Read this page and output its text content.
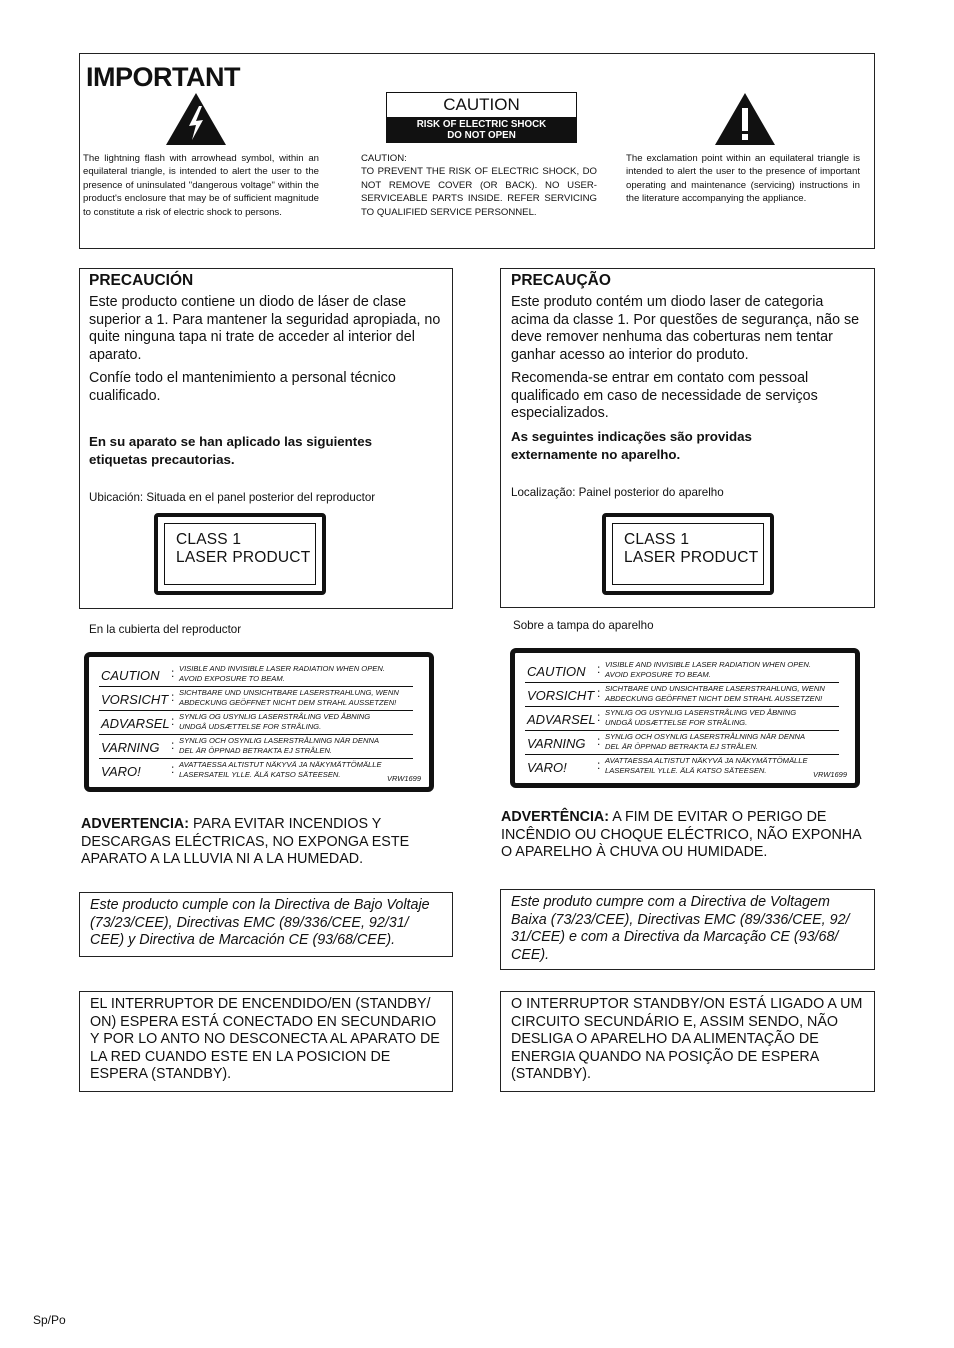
IMPORTANT
The lightning flash with arrowhead symbol, within an equilateral triangle, is intended to alert the user to the presence of uninsulated "dangerous voltage" within the product's enclosure that may be of sufficient magnitude to constitute a risk of electric shock to persons.
CAUTION
RISK OF ELECTRIC SHOCK
DO NOT OPEN
CAUTION:
TO PREVENT THE RISK OF ELECTRIC SHOCK, DO NOT REMOVE COVER (OR BACK). NO USER-SERVICEABLE PARTS INSIDE. REFER SERVICING TO QUALIFIED SERVICE PERSONNEL.
The exclamation point within an equilateral triangle is intended to alert the user to the presence of important operating and maintenance (servicing) instructions in the literature accompanying the appliance.
PRECAUCIÓN
Este producto contiene un diodo de láser de clase superior a 1. Para mantener la seguridad apropiada, no quite ninguna tapa ni trate de acceder al interior del aparato.
Confíe todo el mantenimiento a personal técnico cualificado.
En su aparato se han aplicado las siguientes etiquetas precautorias.
Ubicación: Situada en el panel posterior del reproductor
CLASS 1
LASER PRODUCT
En la cubierta del reproductor
CAUTION : VISIBLE AND INVISIBLE LASER RADIATION WHEN OPEN.
AVOID EXPOSURE TO BEAM.
VORSICHT : SICHTBARE UND UNSICHTBARE LASERSTRAHLUNG, WENN
ABDECKUNG GEÖFFNET NICHT DEM STRAHL AUSSETZEN!
ADVARSEL : SYNLIG OG USYNLIG LASERSTRÅLING VED ÅBNING
UNDGÅ UDSÆTTELSE FOR STRÅLING.
VARNING : SYNLIG OCH OSYNLIG LASERSTRÅLNING NÄR DENNA
DEL ÄR ÖPPNAD BETRAKTA EJ STRÅLEN.
VARO!	: AVATTAESSA ALTISTUT NÄKYVÄ JA NÄKYMÄTTÖMÄLLE
LASERSATEIL YLLE. ÄLÄ KATSO SÄTEESEN.	VRW1699
ADVERTENCIA: PARA EVITAR INCENDIOS Y DESCARGAS ELÉCTRICAS, NO EXPONGA ESTE APARATO A LA LLUVIA NI A LA HUMEDAD.
Este producto cumple con la Directiva de Bajo Voltaje (73/23/CEE), Directivas EMC (89/336/CEE, 92/31/ CEE) y Directiva de Marcación CE (93/68/CEE).
EL INTERRUPTOR DE ENCENDIDO/EN (STANDBY/ ON) ESPERA ESTÁ CONECTADO EN SECUNDARIO Y POR LO ANTO NO DESCONECTA AL APARATO DE LA RED CUANDO ESTE EN LA POSICION DE ESPERA (STANDBY).
PRECAUÇÃO
Este produto contém um diodo laser de categoria acima da classe 1. Por questões de segurança, não se deve remover nenhuma das coberturas nem tentar ganhar acesso ao interior do produto.
Recomenda-se entrar em contato com pessoal qualificado em caso de necessidade de serviços especializados.
As seguintes indicações são providas externamente no aparelho.
Localização: Painel posterior do aparelho
CLASS 1
LASER PRODUCT
Sobre a tampa do aparelho
CAUTION : VISIBLE AND INVISIBLE LASER RADIATION WHEN OPEN.
AVOID EXPOSURE TO BEAM.
VORSICHT : SICHTBARE UND UNSICHTBARE LASERSTRAHLUNG, WENN
ABDECKUNG GEÖFFNET NICHT DEM STRAHL AUSSETZEN!
ADVARSEL : SYNLIG OG USYNLIG LASERSTRÅLING VED ÅBNING
UNDGÅ UDSÆTTELSE FOR STRÅLING.
VARNING : SYNLIG OCH OSYNLIG LASERSTRÅLNING NÄR DENNA
DEL ÄR ÖPPNAD BETRAKTA EJ STRÅLEN.
VARO!	: AVATTAESSA ALTISTUT NÄKYVÄ JA NÄKYMÄTTÖMÄLLE
LASERSATEIL YLLE. ÄLÄ KATSO SÄTEESEN.	VRW1699
ADVERTÊNCIA: A FIM DE EVITAR O PERIGO DE INCÊNDIO OU CHOQUE ELÉCTRICO, NÃO EXPONHA O APARELHO À CHUVA OU HUMIDADE.
Este produto cumpre com a Directiva de Voltagem Baixa (73/23/CEE), Directivas EMC (89/336/CEE, 92/ 31/CEE) e com a Directiva da Marcação CE (93/68/ CEE).
O INTERRUPTOR STANDBY/ON ESTÁ LIGADO A UM CIRCUITO SECUNDÁRIO E, ASSIM SENDO, NÃO DESLIGA O APARELHO DA ALIMENTAÇÃO DE ENERGIA QUANDO NA POSIÇÃO DE ESPERA (STANDBY).
Sp/Po
